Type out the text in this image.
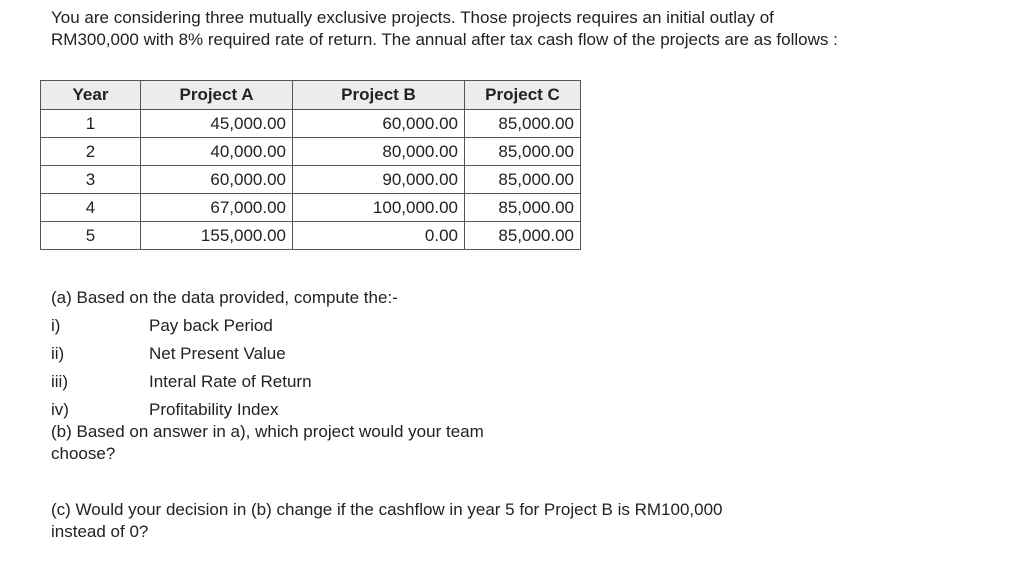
You are considering three mutually exclusive projects. Those projects requires an initial outlay of

RM300,000 with 8% required rate of return. The annual after tax cash flow of the projects are as follows :

Year	Project A	Project B	Project C
1	45,000.00	60,000.00	85,000.00
2	40,000.00	80,000.00	85,000.00
3	60,000.00	90,000.00	85,000.00
4	67,000.00	100,000.00	85,000.00
5	155,000.00	0.00	85,000.00

(a) Based on the data provided, compute the:-

i)	Pay back Period
ii)	Net Present Value
iii)	Interal Rate of Return
iv)	Profitability Index

(b) Based on answer in a), which project would your team

choose?

(c) Would your decision in (b) change if the cashflow in year 5 for Project B is RM100,000

instead of 0?
